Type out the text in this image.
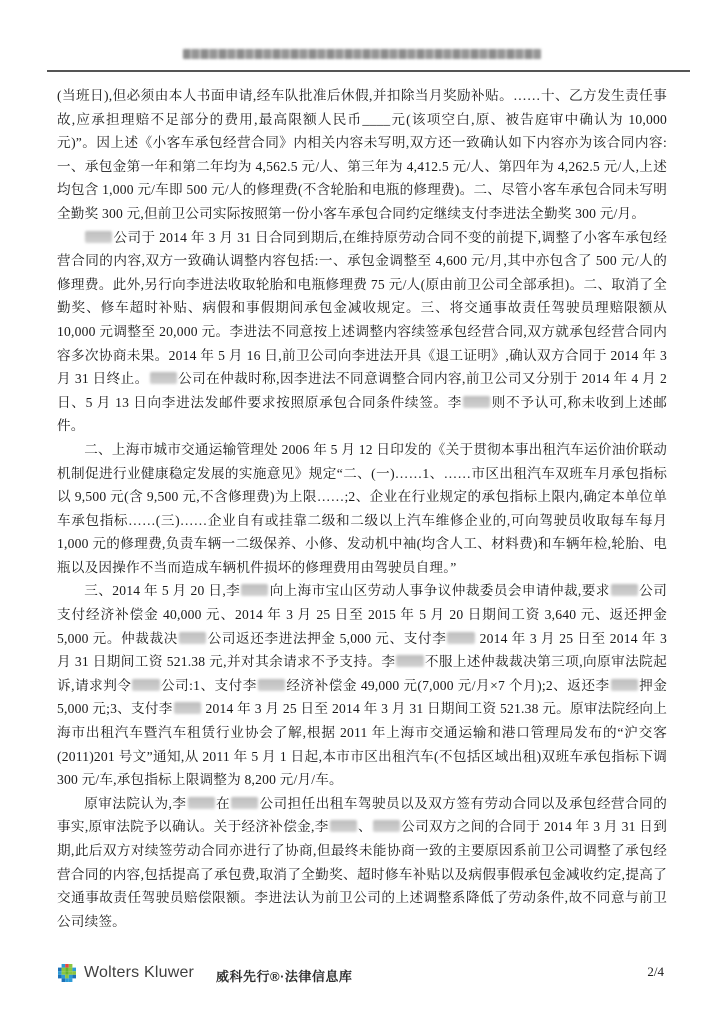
(当班日),但必须由本人书面申请,经车队批准后休假,并扣除当月奖励补贴。……十、乙方发生责任事故,应承担理赔不足部分的费用,最高限额人民币____元(该项空白,原、被告庭审中确认为 10,000 元)”。因上述《小客车承包经营合同》内相关内容未写明,双方还一致确认如下内容亦为该合同内容:一、承包金第一年和第二年均为 4,562.5 元/人、第三年为 4,412.5 元/人、第四年为 4,262.5 元/人,上述均包含 1,000 元/车即 500 元/人的修理费(不含轮胎和电瓶的修理费)。二、尽管小客车承包合同未写明全勤奖 300 元,但前卫公司实际按照第一份小客车承包合同约定继续支付李进法全勤奖 300 元/月。

公司于 2014 年 3 月 31 日合同到期后,在维持原劳动合同不变的前提下,调整了小客车承包经营合同的内容,双方一致确认调整内容包括:一、承包金调整至 4,600 元/月,其中亦包含了 500 元/人的修理费。此外,另行向李进法收取轮胎和电瓶修理费 75 元/人(原由前卫公司全部承担)。二、取消了全勤奖、修车超时补贴、病假和事假期间承包金减收规定。三、将交通事故责任驾驶员理赔限额从 10,000 元调整至 20,000 元。李进法不同意按上述调整内容续签承包经营合同,双方就承包经营合同内容多次协商未果。2014 年 5 月 16 日,前卫公司向李进法开具《退工证明》,确认双方合同于 2014 年 3 月 31 日终止。 公司在仲裁时称,因李进法不同意调整合同内容,前卫公司又分别于 2014 年 4 月 2 日、5 月 13 日向李进法发邮件要求按照原承包合同条件续签。李 则不予认可,称未收到上述邮件。

二、上海市城市交通运输管理处 2006 年 5 月 12 日印发的《关于贯彻本事出租汽车运价油价联动机制促进行业健康稳定发展的实施意见》规定“二、(一)……1、……市区出租汽车双班车月承包指标以 9,500 元(含 9,500 元,不含修理费)为上限……;2、企业在行业规定的承包指标上限内,确定本单位单车承包指标……(三)……企业自有或挂靠二级和二级以上汽车维修企业的,可向驾驶员收取每车每月 1,000 元的修理费,负责车辆一二级保养、小修、发动机中袖(均含人工、材料费)和车辆年检,轮胎、电瓶以及因操作不当而造成车辆机件损坏的修理费用由驾驶员自理。”

三、2014 年 5 月 20 日,李 向上海市宝山区劳动人事争议仲裁委员会申请仲裁,要求 公司支付经济补偿金 40,000 元、2014 年 3 月 25 日至 2015 年 5 月 20 日期间工资 3,640 元、返还押金 5,000 元。仲裁裁决 公司返还李进法押金 5,000 元、支付李 2014 年 3 月 25 日至 2014 年 3 月 31 日期间工资 521.38 元,并对其余请求不予支持。李 不服上述仲裁裁决第三项,向原审法院起诉,请求判令 公司:1、支付李 经济补偿金 49,000 元(7,000 元/月×7 个月);2、返还李 押金 5,000 元;3、支付李 2014 年 3 月 25 日至 2014 年 3 月 31 日期间工资 521.38 元。原审法院经向上海市出租汽车暨汽车租赁行业协会了解,根据 2011 年上海市交通运输和港口管理局发布的“沪交客(2011)201 号文”通知,从 2011 年 5 月 1 日起,本市市区出租汽车(不包括区域出租)双班车承包指标下调 300 元/车,承包指标上限调整为 8,200 元/月/车。

原审法院认为,李 在 公司担任出租车驾驶员以及双方签有劳动合同以及承包经营合同的事实,原审法院予以确认。关于经济补偿金,李 、 公司双方之间的合同于 2014 年 3 月 31 日到期,此后双方对续签劳动合同亦进行了协商,但最终未能协商一致的主要原因系前卫公司调整了承包经营合同的内容,包括提高了承包费,取消了全勤奖、超时修车补贴以及病假事假承包金减收约定,提高了交通事故责任驾驶员赔偿限额。李进法认为前卫公司的上述调整系降低了劳动条件,故不同意与前卫公司续签。

Wolters Kluwer 威科先行®·法律信息库	2/4
